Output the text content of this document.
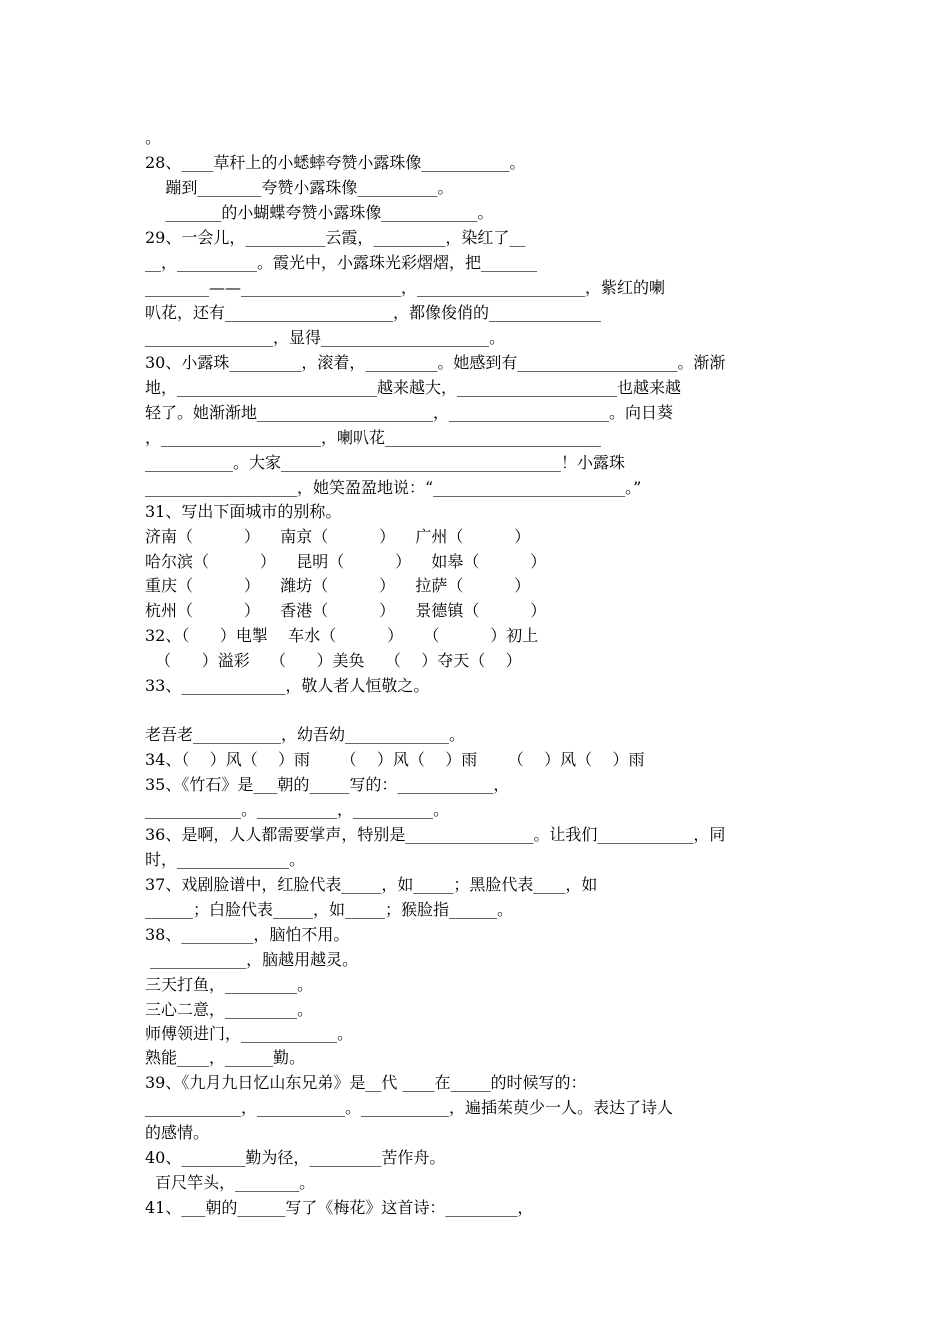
。
28、____草秆上的小蟋蟀夸赞小露珠像___________。
蹦到________夸赞小露珠像__________。
_______的小蝴蝶夸赞小露珠像____________。
29、一会儿，__________云霞，_________，染红了__
__，__________。霞光中，小露珠光彩熠熠，把_______
________——____________________，_____________________，紫红的喇
叭花，还有_____________________，都像俊俏的______________
________________，显得_____________________。
30、小露珠_________，滚着，_________。她感到有____________________。渐渐
地，_________________________越来越大，____________________也越来越
轻了。她渐渐地______________________，____________________。向日葵
，____________________，喇叭花___________________________
___________。大家___________________________________！小露珠
___________________，她笑盈盈地说：“________________________。”
31、写出下面城市的别称。
济南（          ）    南京（          ）    广州（          ）
哈尔滨（          ）    昆明（          ）    如皋（          ）
重庆（          ）    潍坊（          ）    拉萨（          ）
杭州（          ）    香港（          ）    景德镇（          ）
32、（      ）电掣    车水（          ）    （          ）初上
（      ）溢彩    （      ）美奂    （    ）夺天（    ）
33、_____________，敬人者人恒敬之。
老吾老___________，幼吾幼_____________。
34、（    ）风（    ）雨      （    ）风（    ）雨      （    ）风（    ）雨
35、《竹石》是___朝的_____写的：____________，
____________。__________，__________。
36、是啊，人人都需要掌声，特别是________________。让我们____________，同
时，______________。
37、戏剧脸谱中，红脸代表_____，如_____；黑脸代表____，如
______；白脸代表_____，如_____；猴脸指______。
38、_________，脑怕不用。
____________，脑越用越灵。
三天打鱼，_________。
三心二意，_________。
师傅领进门，____________。
熟能____，______勤。
39、《九月九日忆山东兄弟》是__代 ____在_____的时候写的：
____________，___________。___________，遍插茱萸少一人。表达了诗人
的感情。
40、________勤为径，_________苦作舟。
百尺竿头，________。
41、___朝的______写了《梅花》这首诗：_________，
